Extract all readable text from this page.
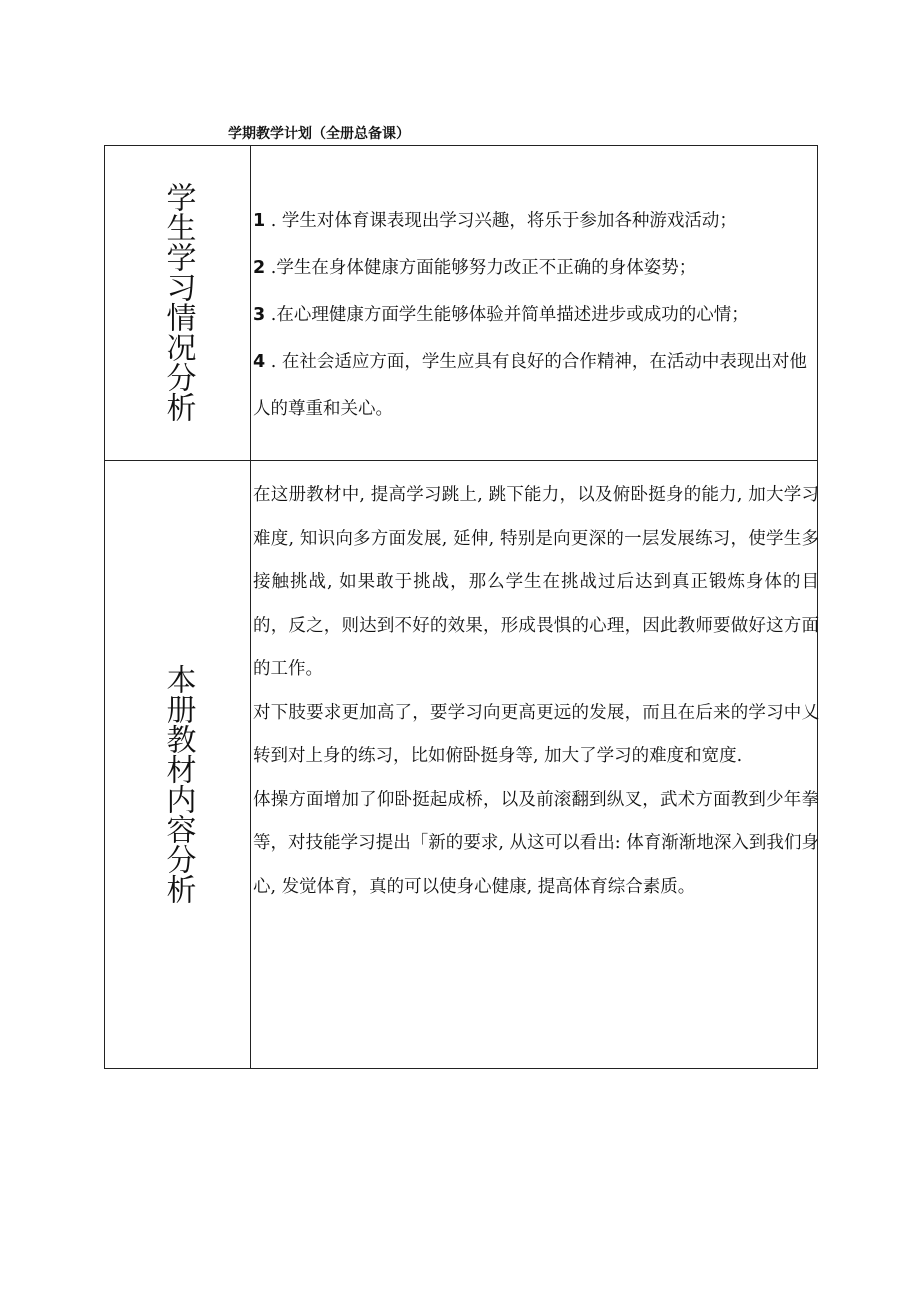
学期教学计划（全册总备课）
学生学习情况分析	1 . 学生对体育课表现出学习兴趣，将乐于参加各种游戏活动；

2 .学生在身体健康方面能够努力改正不正确的身体姿势；

3 .在心理健康方面学生能够体验并简单描述进步或成功的心情；

4 . 在社会适应方面，学生应具有良好的合作精神，在活动中表现出对他人的尊重和关心。

本册教材内容分析

在这册教材中, 提高学习跳上, 跳下能力，以及俯卧挺身的能力, 加大学习难度, 知识向多方面发展, 延伸, 特别是向更深的一层发展练习，使学生多接触挑战, 如果敢于挑战，那么学生在挑战过后达到真正锻炼身体的目的，反之，则达到不好的效果，形成畏惧的心理，因此教师要做好这方面的工作。

对下肢要求更加高了，要学习向更高更远的发展，而且在后来的学习中乂转到对上身的练习，比如俯卧挺身等, 加大了学习的难度和宽度.

体操方面增加了仰卧挺起成桥，以及前滚翻到纵叉，武术方面教到少年拳等，对技能学习提出「新的要求, 从这可以看出: 体育渐渐地深入到我们身心, 发觉体育，真的可以使身心健康, 提高体育综合素质。
